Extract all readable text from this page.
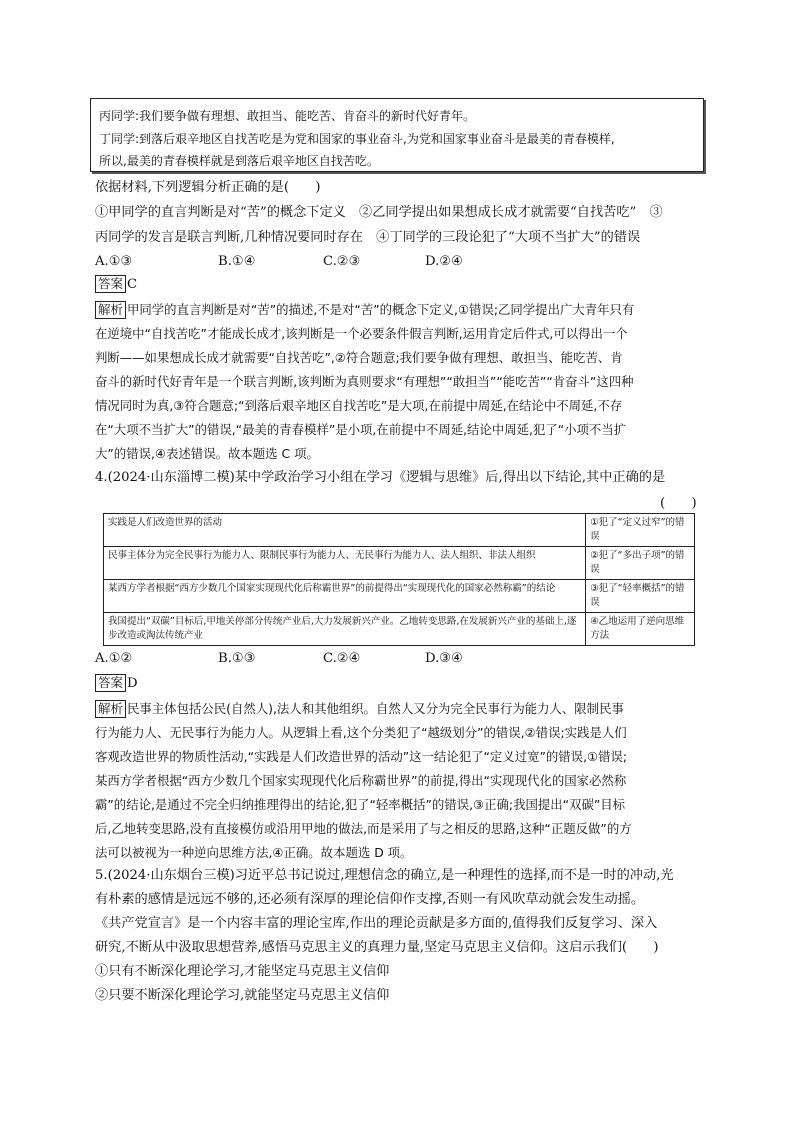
丙同学:我们要争做有理想、敢担当、能吃苦、肯奋斗的新时代好青年。
丁同学:到落后艰辛地区自找苦吃是为党和国家的事业奋斗,为党和国家事业奋斗是最美的青春模样,
所以,最美的青春模样就是到落后艰辛地区自找苦吃。
依据材料,下列逻辑分析正确的是(　　)
①甲同学的直言判断是对“苦”的概念下定义　②乙同学提出如果想成长成才就需要“自找苦吃”　③
丙同学的发言是联言判断,几种情况要同时存在　④丁同学的三段论犯了“大项不当扩大”的错误
A.①③	B.①④	C.②③	D.②④
答案 C
解析 甲同学的直言判断是对“苦”的描述,不是对“苦”的概念下定义,①错误;乙同学提出广大青年只有
在逆境中“自找苦吃”才能成长成才,该判断是一个必要条件假言判断,运用肯定后件式,可以得出一个
判断——如果想成长成才就需要“自找苦吃”,②符合题意;我们要争做有理想、敢担当、能吃苦、肯
奋斗的新时代好青年是一个联言判断,该判断为真则要求“有理想”“敢担当”“能吃苦”“肯奋斗”这四种
情况同时为真,③符合题意;“到落后艰辛地区自找苦吃”是大项,在前提中周延,在结论中不周延,不存
在“大项不当扩大”的错误,“最美的青春模样”是小项,在前提中不周延,结论中周延,犯了“小项不当扩
大”的错误,④表述错误。故本题选 C 项。
4.(2024·山东淄博二模)某中学政治学习小组在学习《逻辑与思维》后,得出以下结论,其中正确的是
(　　)
实践是人们改造世界的活动	①犯了“定义过窄”的错误
民事主体分为完全民事行为能力人、限制民事行为能力人、无民事行为能力人、法人组织、非法人组织	②犯了“多出子项”的错误
某西方学者根据“西方少数几个国家实现现代化后称霸世界”的前提得出“实现现代化的国家必然称霸”的结论	③犯了“轻率概括”的错误
我国提出“双碳”目标后,甲地关停部分传统产业后,大力发展新兴产业。乙地转变思路,在发展新兴产业的基础上,逐步改造或淘汰传统产业	④乙地运用了逆向思维方法
A.①②	B.①③	C.②④	D.③④
答案 D
解析 民事主体包括公民(自然人),法人和其他组织。自然人又分为完全民事行为能力人、限制民事
行为能力人、无民事行为能力人。从逻辑上看,这个分类犯了“越级划分”的错误,②错误;实践是人们
客观改造世界的物质性活动,“实践是人们改造世界的活动”这一结论犯了“定义过宽”的错误,①错误;
某西方学者根据“西方少数几个国家实现现代化后称霸世界”的前提,得出“实现现代化的国家必然称
霸”的结论,是通过不完全归纳推理得出的结论,犯了“轻率概括”的错误,③正确;我国提出“双碳”目标
后,乙地转变思路,没有直接模仿或沿用甲地的做法,而是采用了与之相反的思路,这种“正题反做”的方
法可以被视为一种逆向思维方法,④正确。故本题选 D 项。
5.(2024·山东烟台三模)习近平总书记说过,理想信念的确立,是一种理性的选择,而不是一时的冲动,光
有朴素的感情是远远不够的,还必须有深厚的理论信仰作支撑,否则一有风吹草动就会发生动摇。
《共产党宣言》是一个内容丰富的理论宝库,作出的理论贡献是多方面的,值得我们反复学习、深入
研究,不断从中汲取思想营养,感悟马克思主义的真理力量,坚定马克思主义信仰。这启示我们(　　)
①只有不断深化理论学习,才能坚定马克思主义信仰
②只要不断深化理论学习,就能坚定马克思主义信仰
